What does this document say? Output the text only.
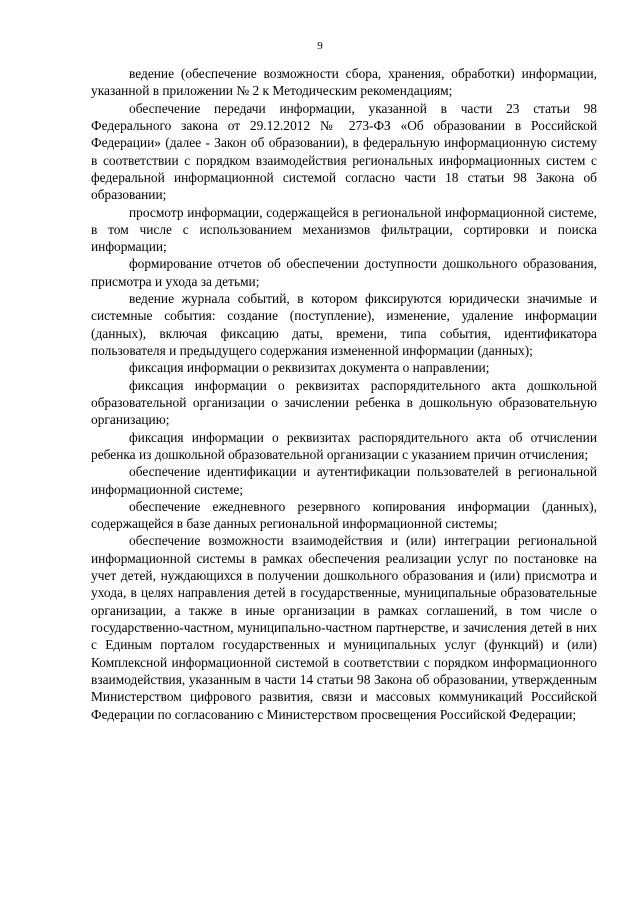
9

ведение (обеспечение возможности сбора, хранения, обработки) информации, указанной в приложении № 2 к Методическим рекомендациям;

обеспечение передачи информации, указанной в части 23 статьи 98 Федерального закона от 29.12.2012 № 273-ФЗ «Об образовании в Российской Федерации» (далее - Закон об образовании), в федеральную информационную систему в соответствии с порядком взаимодействия региональных информационных систем с федеральной информационной системой согласно части 18 статьи 98 Закона об образовании;

просмотр информации, содержащейся в региональной информационной системе, в том числе с использованием механизмов фильтрации, сортировки и поиска информации;

формирование отчетов об обеспечении доступности дошкольного образования, присмотра и ухода за детьми;

ведение журнала событий, в котором фиксируются юридически значимые и системные события: создание (поступление), изменение, удаление информации (данных), включая фиксацию даты, времени, типа события, идентификатора пользователя и предыдущего содержания измененной информации (данных);

фиксация информации о реквизитах документа о направлении;

фиксация информации о реквизитах распорядительного акта дошкольной образовательной организации о зачислении ребенка в дошкольную образовательную организацию;

фиксация информации о реквизитах распорядительного акта об отчислении ребенка из дошкольной образовательной организации с указанием причин отчисления;

обеспечение идентификации и аутентификации пользователей в региональной информационной системе;

обеспечение ежедневного резервного копирования информации (данных), содержащейся в базе данных региональной информационной системы;

обеспечение возможности взаимодействия и (или) интеграции региональной информационной системы в рамках обеспечения реализации услуг по постановке на учет детей, нуждающихся в получении дошкольного образования и (или) присмотра и ухода, в целях направления детей в государственные, муниципальные образовательные организации, а также в иные организации в рамках соглашений, в том числе о государственно-частном, муниципально-частном партнерстве, и зачисления детей в них с Единым порталом государственных и муниципальных услуг (функций) и (или) Комплексной информационной системой в соответствии с порядком информационного взаимодействия, указанным в части 14 статьи 98 Закона об образовании, утвержденным Министерством цифрового развития, связи и массовых коммуникаций Российской Федерации по согласованию с Министерством просвещения Российской Федерации;
